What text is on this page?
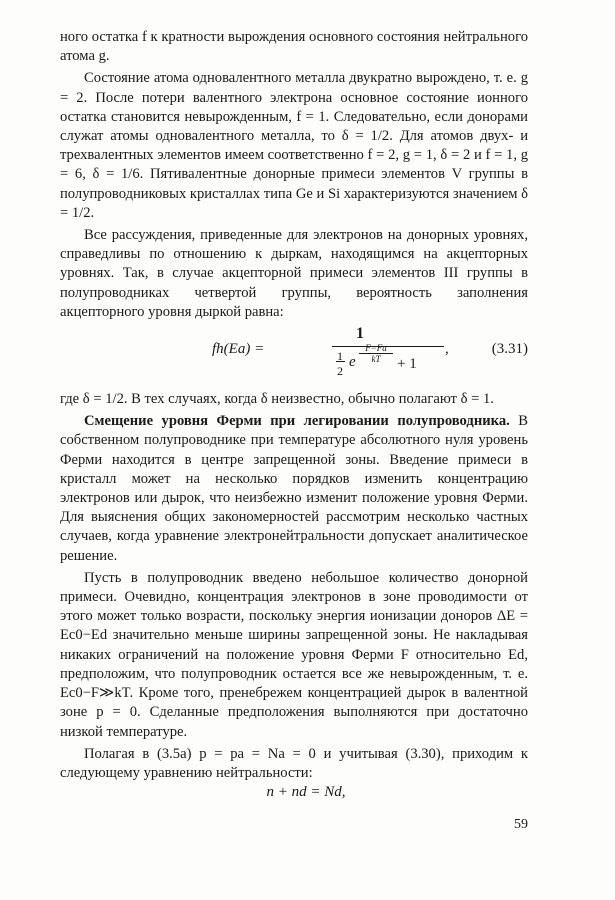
ного остатка f к кратности вырождения основного состояния нейтрального атома g.

Состояние атома одновалентного металла двукратно вырождено, т. е. g = 2. После потери валентного электрона основное состояние ионного остатка становится невырожденным, f = 1. Следовательно, если донорами служат атомы одновалентного металла, то δ = 1/2. Для атомов двух- и трехвалентных элементов имеем соответственно f = 2, g = 1, δ = 2 и f = 1, g = 6, δ = 1/6. Пятивалентные донорные примеси элементов V группы в полупроводниковых кристаллах типа Ge и Si характеризуются значением δ = 1/2.

Все рассуждения, приведенные для электронов на донорных уровнях, справедливы по отношению к дыркам, находящимся на акцепторных уровнях. Так, в случае акцепторной примеси элементов III группы в полупроводниках четвертой группы, вероятность заполнения акцепторного уровня дыркой равна:

fh(Ea) =
1
1
2
e $\frac{F-Fa}{kT} + 1$
,	(3.31)

где δ = 1/2. В тех случаях, когда δ неизвестно, обычно полагают δ = 1.

Смещение уровня Ферми при легировании полупроводника. В собственном полупроводнике при температуре абсолютного нуля уровень Ферми находится в центре запрещенной зоны. Введение примеси в кристалл может на несколько порядков изменить концентрацию электронов или дырок, что неизбежно изменит положение уровня Ферми. Для выяснения общих закономерностей рассмотрим несколько частных случаев, когда уравнение электронейтральности допускает аналитическое решение.

Пусть в полупроводник введено небольшое количество донорной примеси. Очевидно, концентрация электронов в зоне проводимости от этого может только возрасти, поскольку энергия ионизации доноров ΔE = Ec0−Ed значительно меньше ширины запрещенной зоны. Не накладывая никаких ограничений на положение уровня Ферми F относительно Ed, предположим, что полупроводник остается все же невырожденным, т. е. Ec0−F≫kT. Кроме того, пренебрежем концентрацией дырок в валентной зоне p = 0. Сделанные предположения выполняются при достаточно низкой температуре.

Полагая в (3.5a) p = pa = Na = 0 и учитывая (3.30), приходим к следующему уравнению нейтральности:

n + nd = Nd,

59
